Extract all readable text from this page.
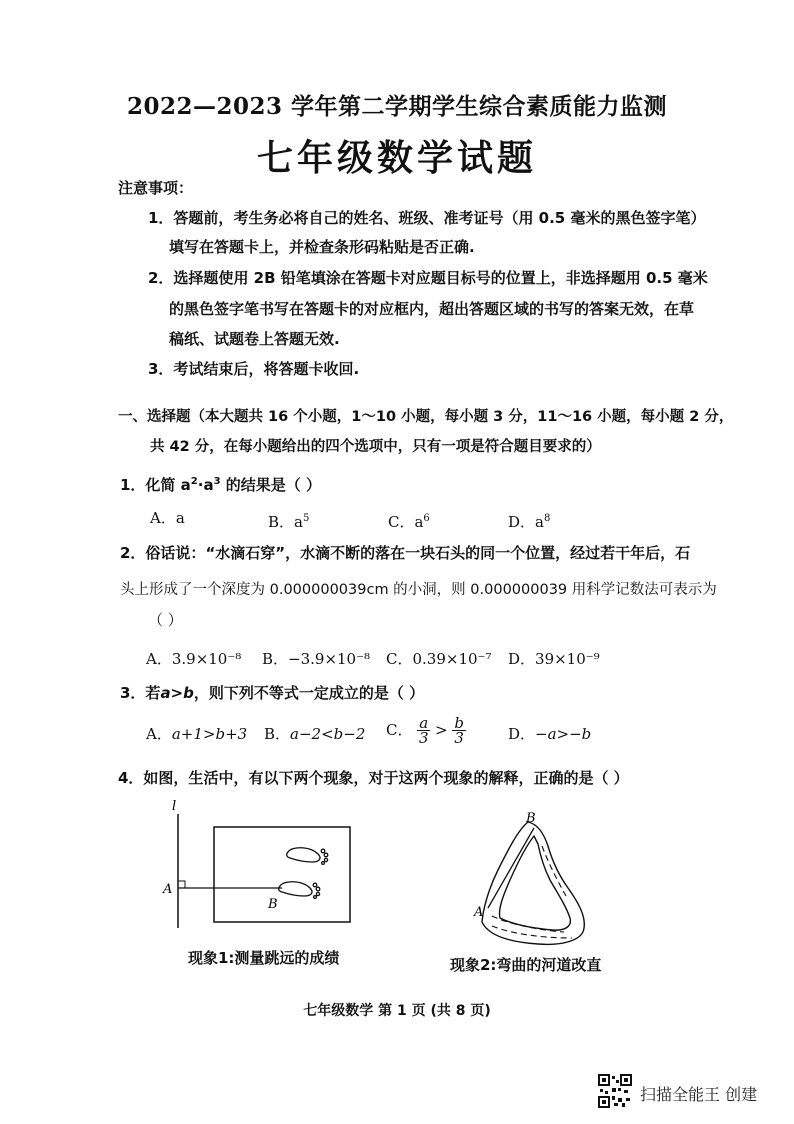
2022—2023 学年第二学期学生综合素质能力监测
七年级数学试题
注意事项：
1．答题前，考生务必将自己的姓名、班级、准考证号（用 0.5 毫米的黑色签字笔）
填写在答题卡上，并检查条形码粘贴是否正确.
2．选择题使用 2B 铅笔填涂在答题卡对应题目标号的位置上，非选择题用 0.5 毫米
的黑色签字笔书写在答题卡的对应框内，超出答题区域的书写的答案无效，在草
稿纸、试题卷上答题无效.
3．考试结束后，将答题卡收回.
一、选择题（本大题共 16 个小题，1～10 小题，每小题 3 分，11～16 小题，每小题 2 分，
共 42 分，在每小题给出的四个选项中，只有一项是符合题目要求的）
1．化简 $a^2\cdot a^3$ 的结果是（ ）
A．a	B．$a^5$	C．$a^6$	D．$a^8$
2．俗话说：“水滴石穿”，水滴不断的落在一块石头的同一个位置，经过若干年后，石
头上形成了一个深度为 0.000000039cm 的小洞，则 0.000000039 用科学记数法可表示为
（ ）
A．3.9×10⁻⁸ B．−3.9×10⁻⁸ C．0.39×10⁻⁷ D．39×10⁻⁹
3．若a>b，则下列不等式一定成立的是（ ）
A．a+1>b+3 B．a−2<b−2 C． $\frac{a}{3} > \frac{b}{3}$	D．−a>−b
4．如图，生活中，有以下两个现象，对于这两个现象的解释，正确的是（ ）
l
A
B
现象1:测量跳远的成绩
B
A
现象2:弯曲的河道改直
七年级数学 第 1 页 (共 8 页)
扫描全能王 创建
